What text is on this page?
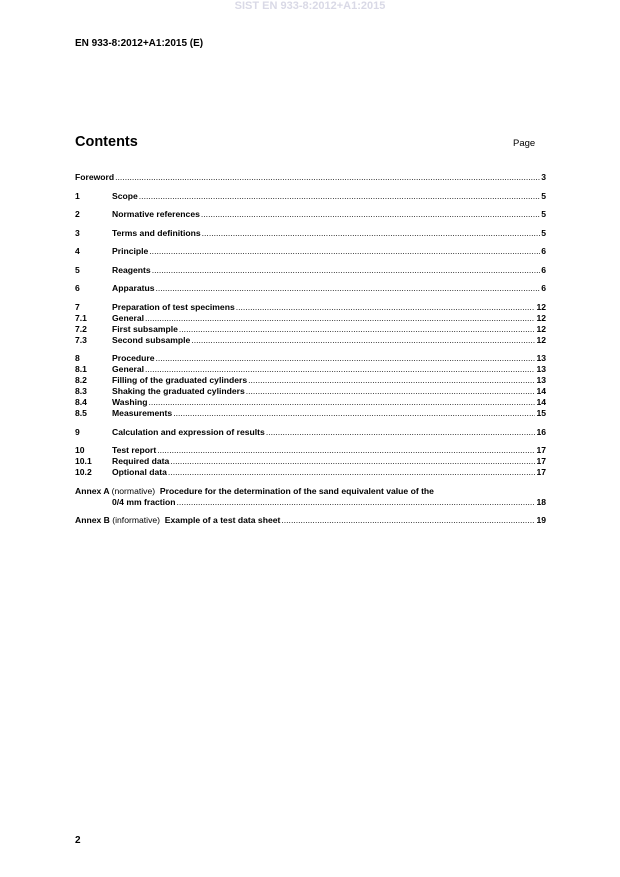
SIST EN 933-8:2012+A1:2015
EN 933-8:2012+A1:2015 (E)
Contents	Page
Foreword .....	3
1	Scope .....	5
2	Normative references .....	5
3	Terms and definitions .....	5
4	Principle .....	6
5	Reagents .....	6
6	Apparatus .....	6
7	Preparation of test specimens .....	12
7.1	General .....	12
7.2	First subsample .....	12
7.3	Second subsample .....	12
8	Procedure .....	13
8.1	General .....	13
8.2	Filling of the graduated cylinders .....	13
8.3	Shaking the graduated cylinders .....	14
8.4	Washing .....	14
8.5	Measurements .....	15
9	Calculation and expression of results .....	16
10	Test report .....	17
10.1	Required data .....	17
10.2	Optional data .....	17
Annex A (normative) Procedure for the determination of the sand equivalent value of the
0/4 mm fraction .....	18
Annex B (informative) Example of a test data sheet .....	19
2
